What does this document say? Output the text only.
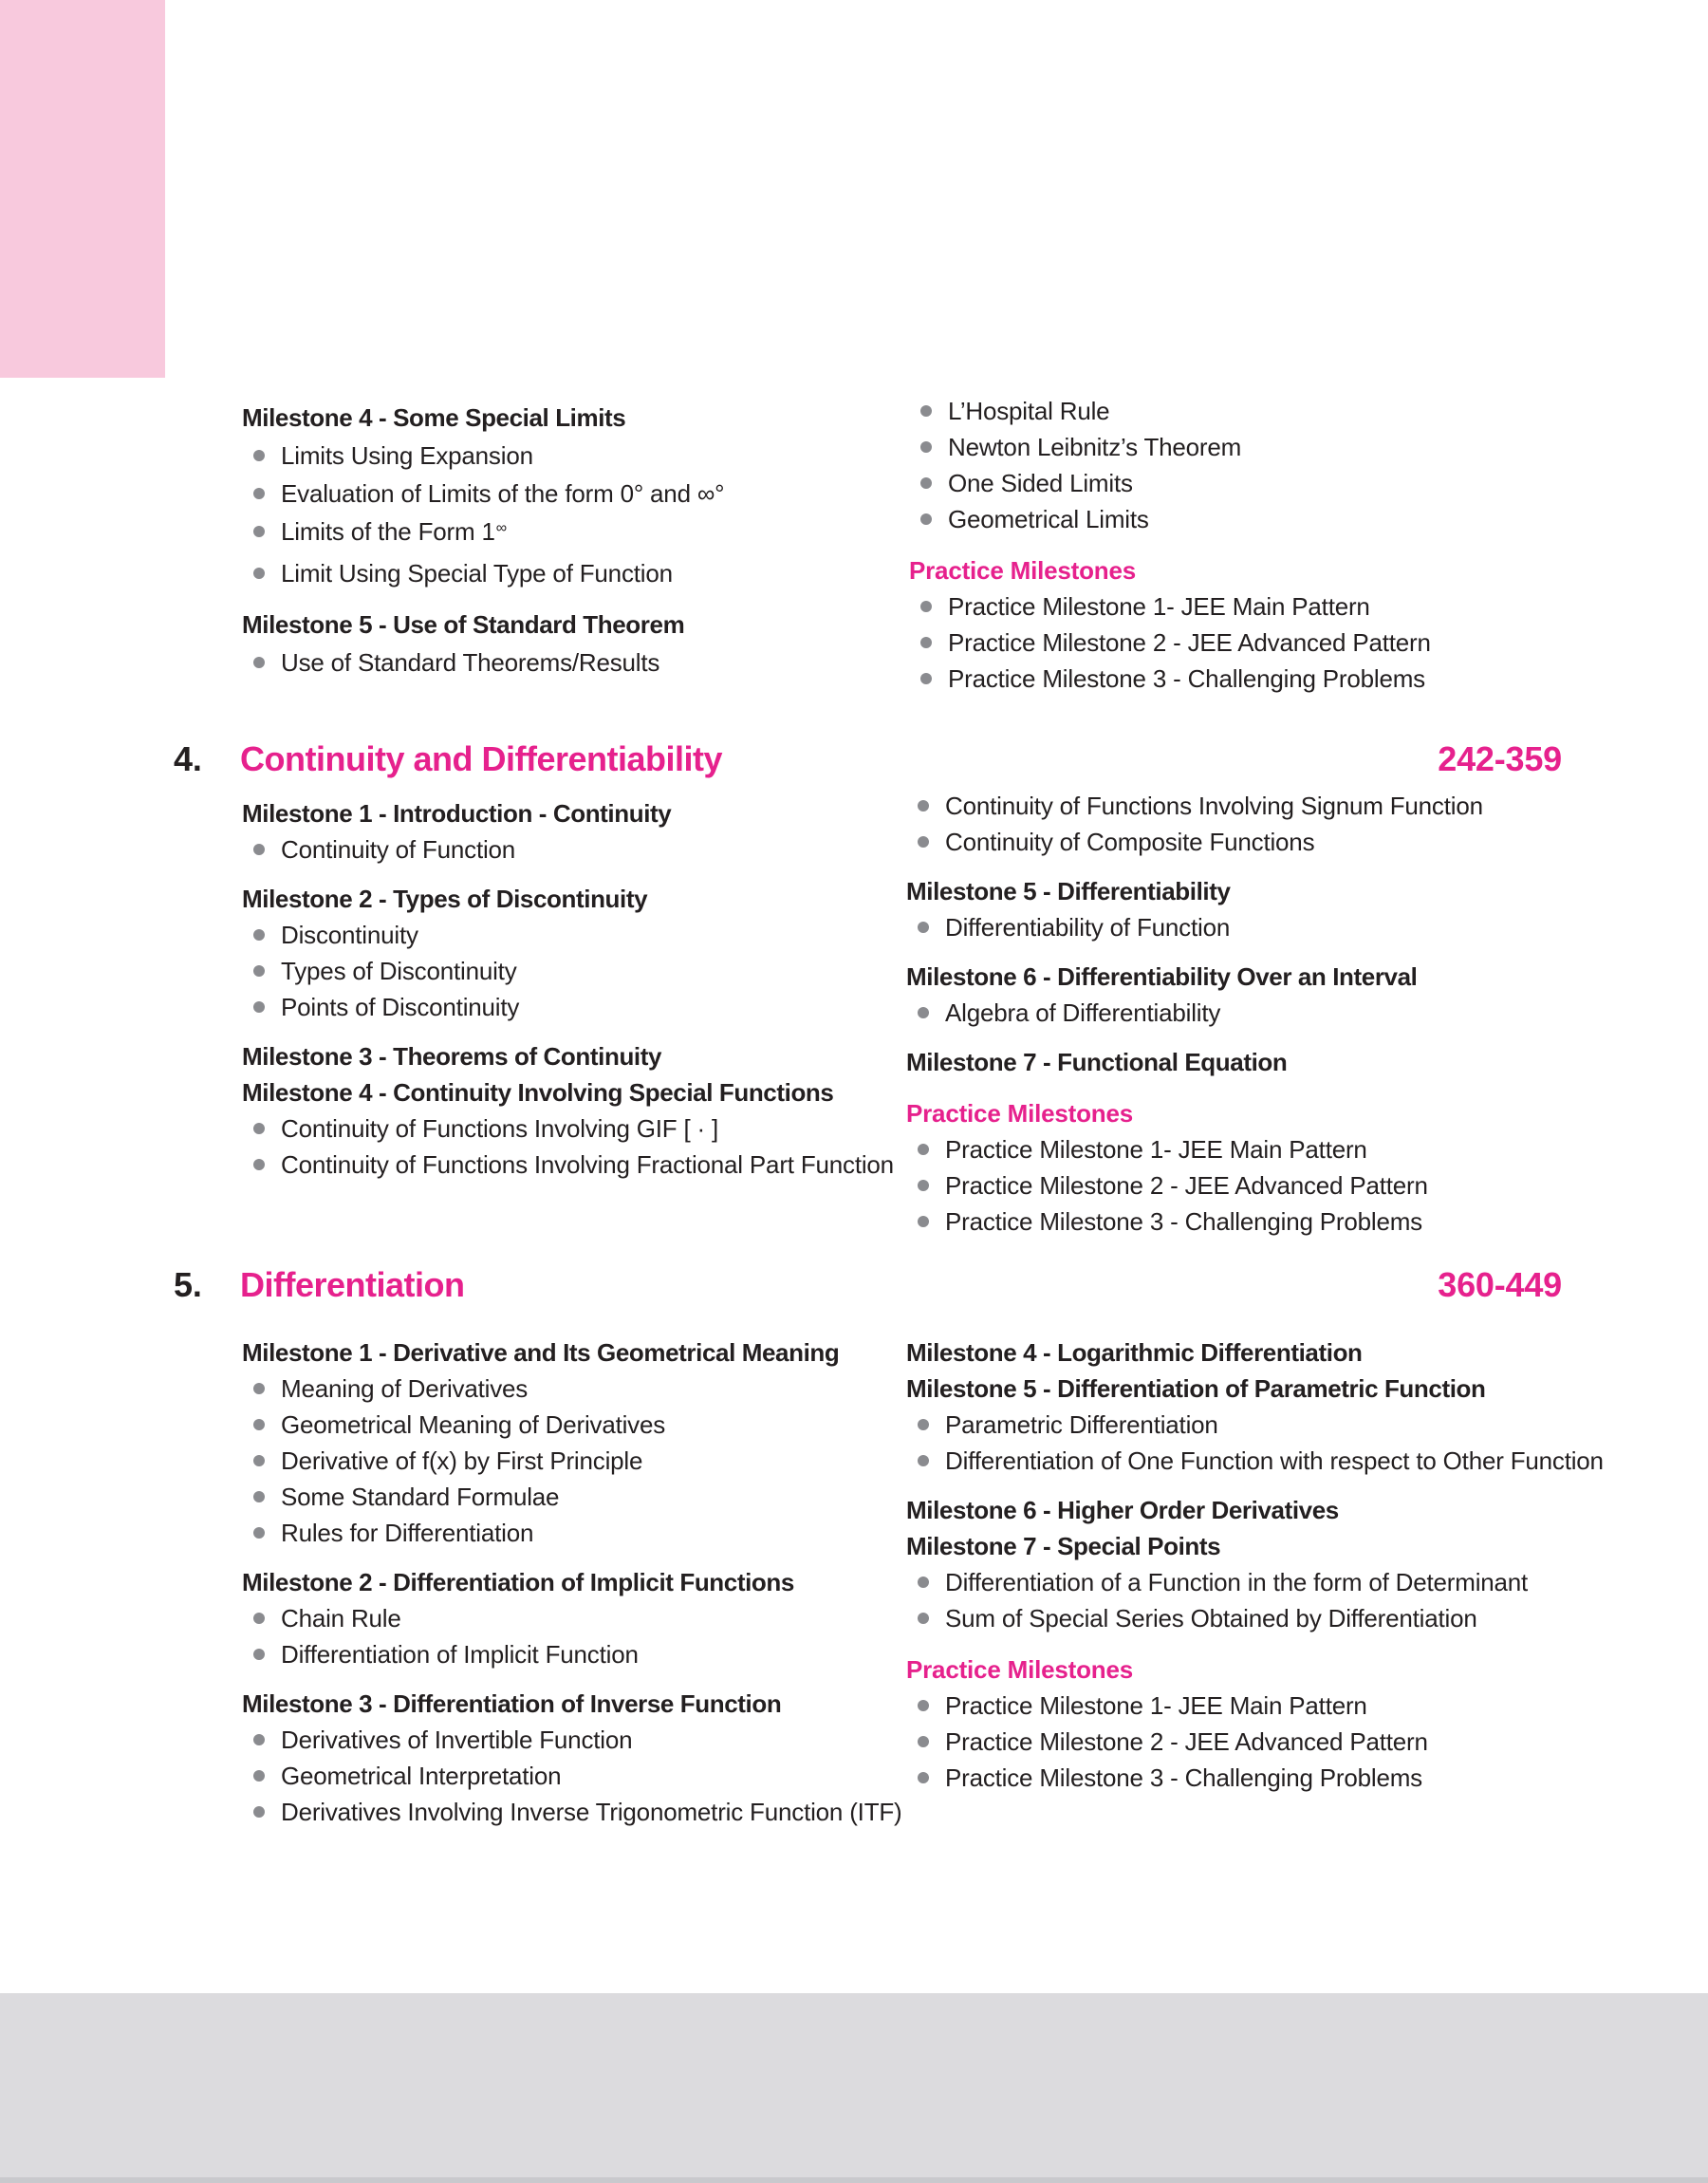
Milestone 4 - Some Special Limits
Limits Using Expansion
Evaluation of Limits of the form 0° and ∞°
Limits of the Form 1∞
Limit Using Special Type of Function
Milestone 5 - Use of Standard Theorem
Use of Standard Theorems/Results
L’Hospital Rule
Newton Leibnitz’s Theorem
One Sided Limits
Geometrical Limits
Practice Milestones
Practice Milestone 1- JEE Main Pattern
Practice Milestone 2 - JEE Advanced Pattern
Practice Milestone 3 - Challenging Problems
4.	Continuity and Differentiability	242-359
Milestone 1 - Introduction - Continuity
Continuity of Function
Milestone 2 - Types of Discontinuity
Discontinuity
Types of Discontinuity
Points of Discontinuity
Milestone 3 - Theorems of Continuity
Milestone 4 - Continuity Involving Special Functions
Continuity of Functions Involving GIF [ · ]
Continuity of Functions Involving Fractional Part Function
Continuity of Functions Involving Signum Function
Continuity of Composite Functions
Milestone 5 - Differentiability
Differentiability of Function
Milestone 6 - Differentiability Over an Interval
Algebra of Differentiability
Milestone 7 - Functional Equation
Practice Milestones
Practice Milestone 1- JEE Main Pattern
Practice Milestone 2 - JEE Advanced Pattern
Practice Milestone 3 - Challenging Problems
5.	Differentiation	360-449
Milestone 1 - Derivative and Its Geometrical Meaning
Meaning of Derivatives
Geometrical Meaning of Derivatives
Derivative of f(x) by First Principle
Some Standard Formulae
Rules for Differentiation
Milestone 2 - Differentiation of Implicit Functions
Chain Rule
Differentiation of Implicit Function
Milestone 3 - Differentiation of Inverse Function
Derivatives of Invertible Function
Geometrical Interpretation
Derivatives Involving Inverse Trigonometric Function (ITF)
Milestone 4 - Logarithmic Differentiation
Milestone 5 - Differentiation of Parametric Function
Parametric Differentiation
Differentiation of One Function with respect to Other Function
Milestone 6 - Higher Order Derivatives
Milestone 7 - Special Points
Differentiation of a Function in the form of Determinant
Sum of Special Series Obtained by Differentiation
Practice Milestones
Practice Milestone 1- JEE Main Pattern
Practice Milestone 2 - JEE Advanced Pattern
Practice Milestone 3 - Challenging Problems
